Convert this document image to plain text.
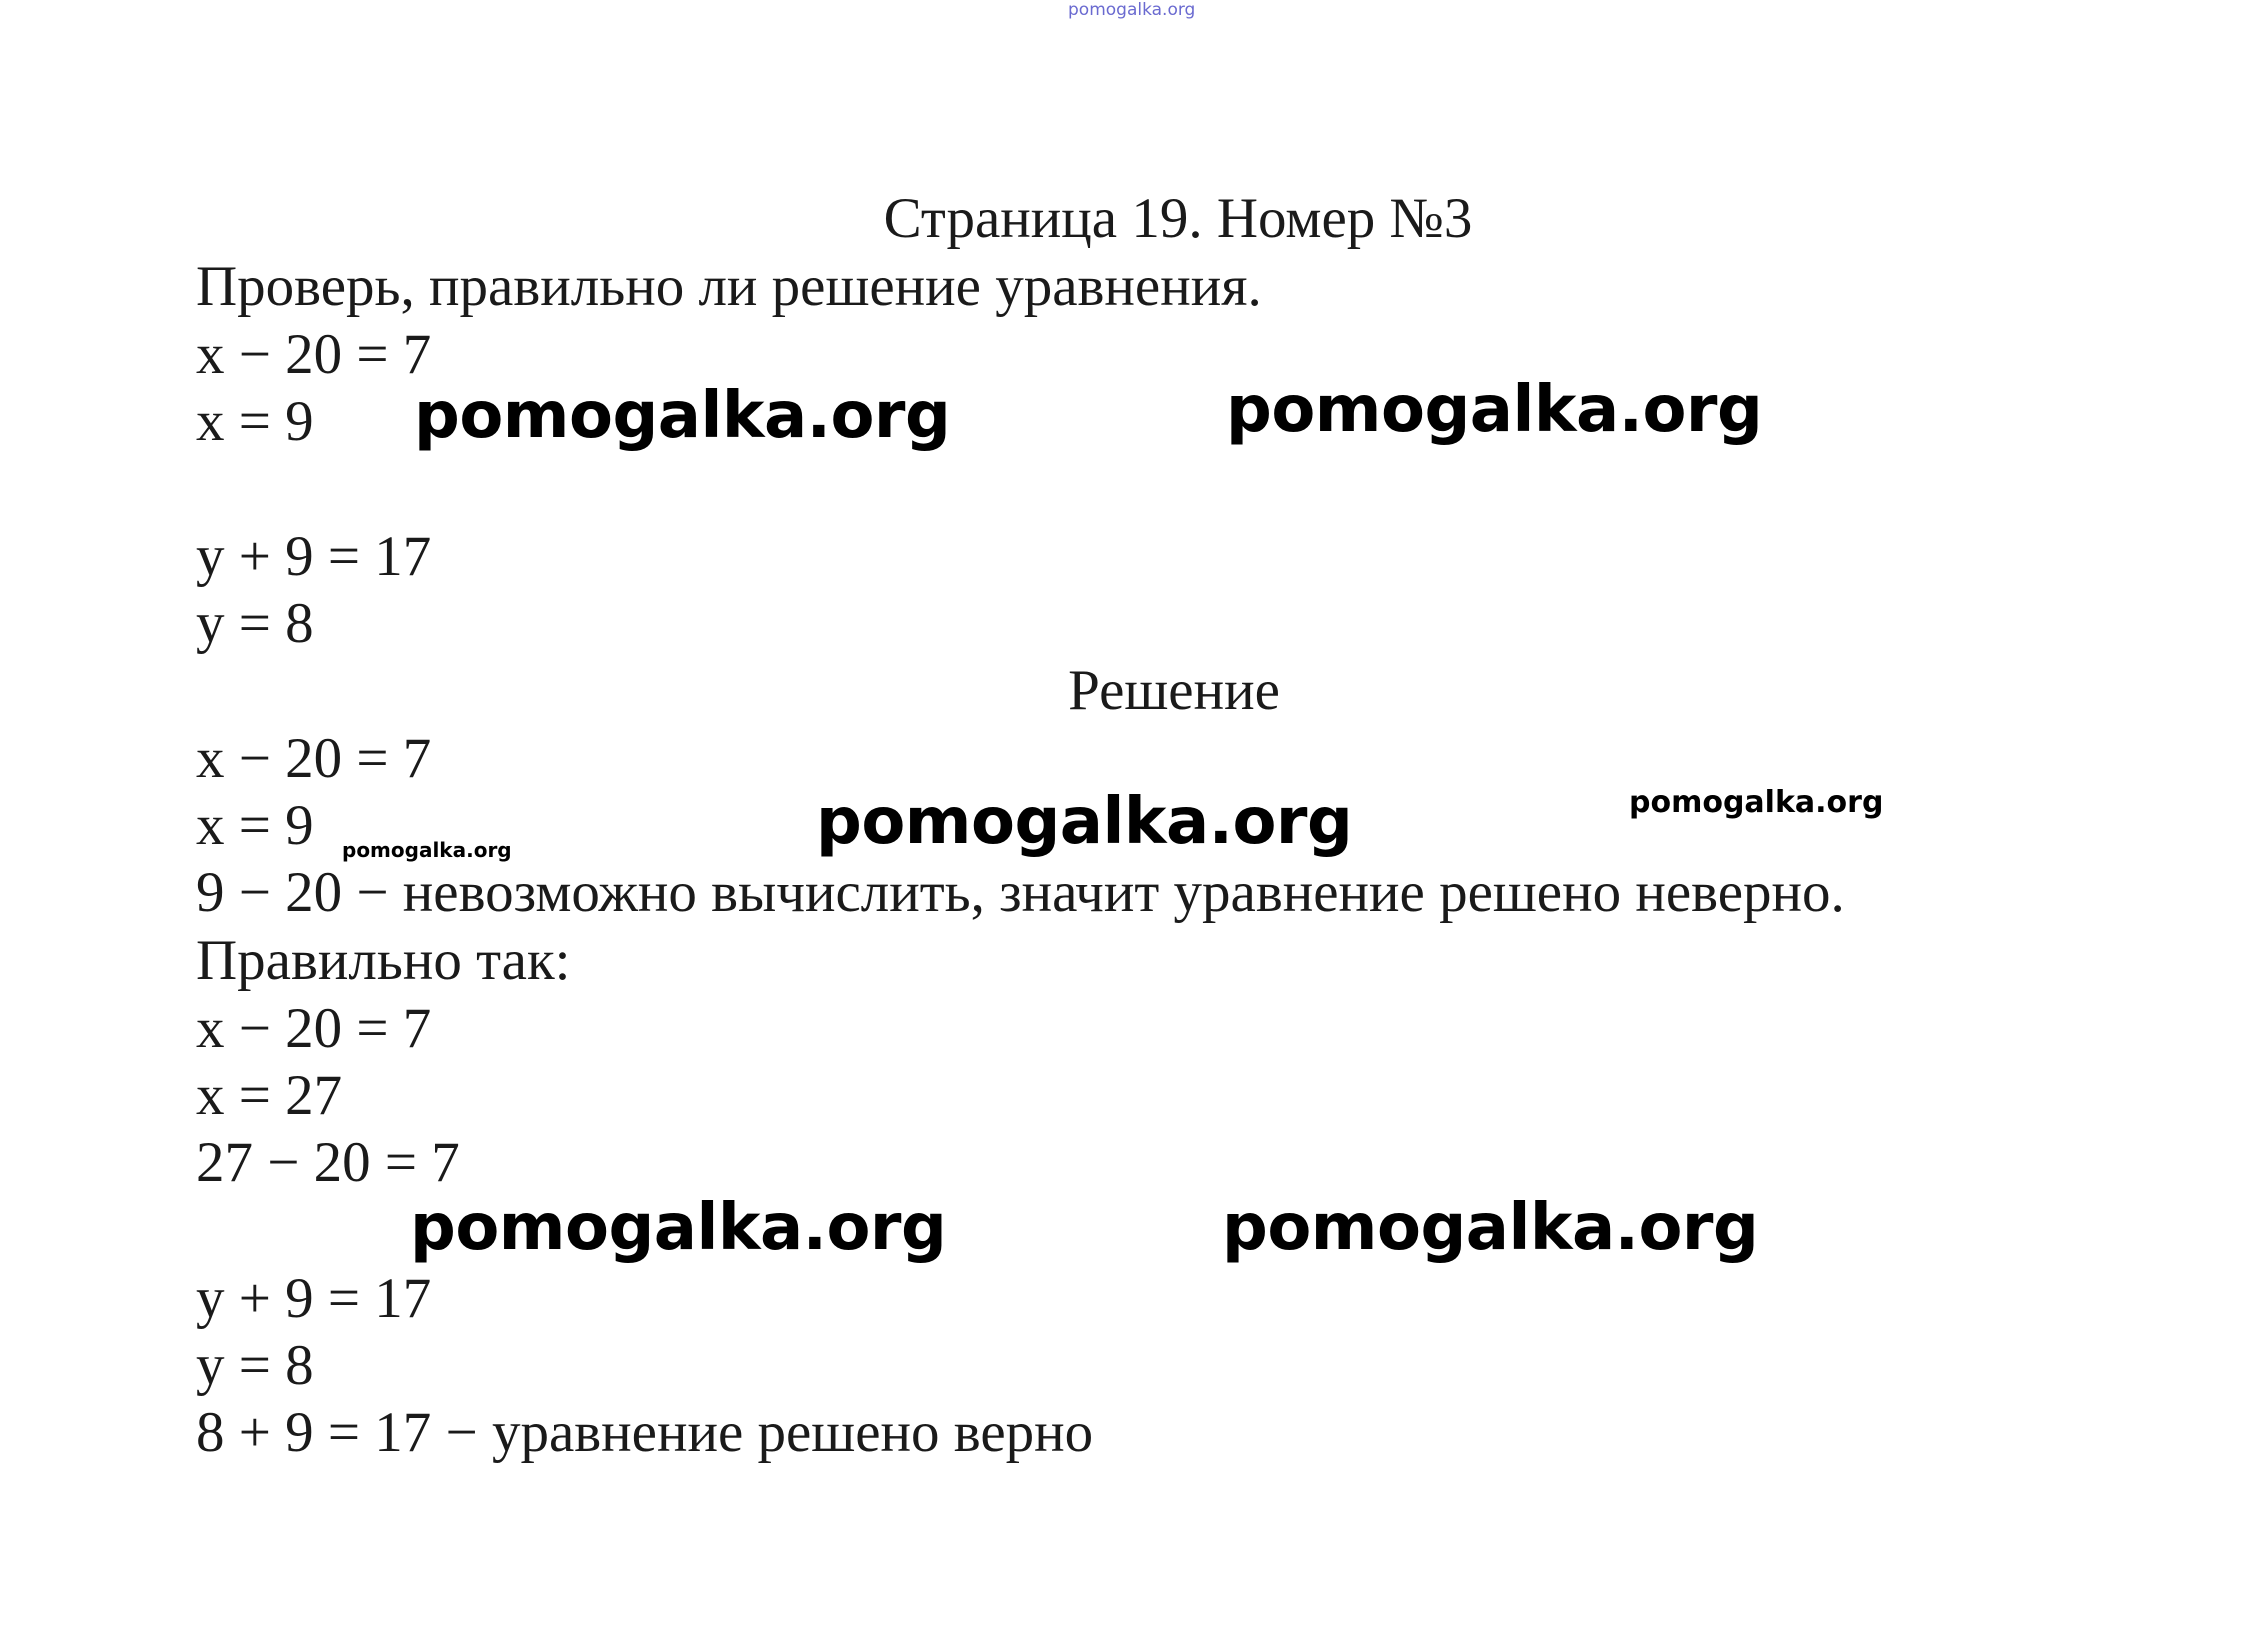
pomogalka.org
Страница 19. Номер №3
Проверь, правильно ли решение уравнения.
x − 20 = 7
x = 9 pomogalka.org	pomogalka.org
y + 9 = 17
y = 8
Решение
x − 20 = 7
x = 9 pomogalka.org	pomogalka.org	pomogalka.org
9 − 20 − невозможно вычислить, значит уравнение решено неверно.
Правильно так:
x − 20 = 7
x = 27
27 − 20 = 7
pomogalka.org	pomogalka.org
y + 9 = 17
y = 8
8 + 9 = 17 − уравнение решено верно
